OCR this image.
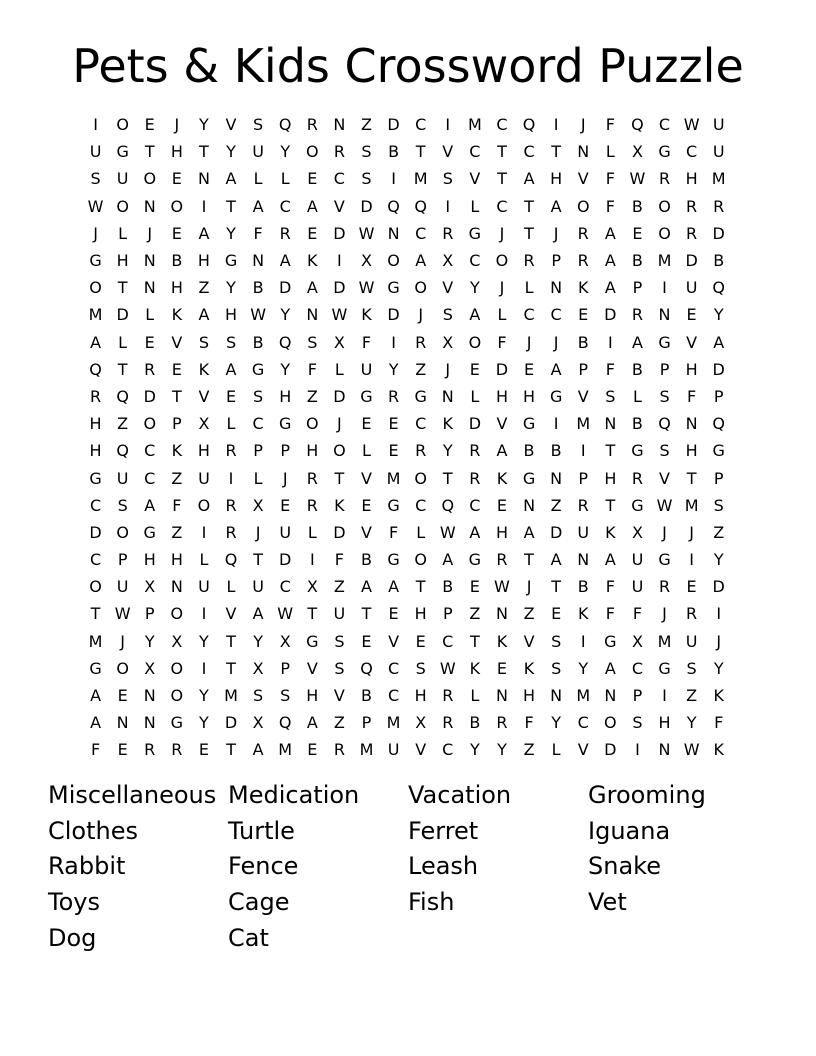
Pets & Kids Crossword Puzzle
I	O E	J	Y	V	S Q R N Z D C	I	M C Q	I	J	F	Q C W U
U G	T	H	T	Y	U	Y O R	S	B	T	V	C	T	C	T	N	L	X G C U
S	U O E	N A	L	L	E	C	S	I	M S	V	T	A H V	F W R H M
W O N O	I	T	A	C	A	V D Q Q	I	L	C	T	A O	F	B O R R
J	L	J	E	A	Y	F	R	E D W N C R G	J	T	J	R	A	E O R D
G H N B H G N A	K	I	X O A	X	C O R	P	R	A	B M D B
O T	N H Z	Y	B D A D W G O V	Y	J	L	N K	A	P	I	U Q
M D	L	K	A H W Y	N W K D	J	S	A	L	C C	E D R N	E	Y
A	L	E	V	S	S	B Q S	X	F	I	R	X O	F	J	J	B	I	A G V	A
Q T	R	E	K	A G	Y	F	L	U	Y	Z	J	E D E	A	P	F	B	P	H D
R Q D	T	V	E	S	H Z D G R G N	L	H H G V	S	L	S	F	P
H Z O P	X	L	C G O	J	E	E	C	K D V G	I	M N B Q N Q
H Q C	K H R	P	P	H O	L	E	R	Y	R	A	B	B	I	T	G S	H G
G U C	Z U	I	L	J	R	T	V M O T	R	K G N	P	H R	V	T	P
C	S	A	F	O R	X	E	R	K	E G C Q C	E	N Z	R	T	G W M S
D O G Z	I	R	J	U	L	D V	F	L W A H A D U K	X	J	J	Z
C	P	H H	L	Q T	D	I	F	B G O A G R	T	A N A U G	I	Y
O U X N U	L	U C	X	Z	A	A	T	B	E W	J	T	B	F	U R	E D
T W P O	I	V	A W T	U	T	E	H	P	Z N Z	E	K	F	F	J	R	I
M	J	Y	X	Y	T	Y	X G S	E	V	E	C	T	K	V	S	I	G X M U	J
G O X O	I	T	X	P	V	S Q C	S W K	E	K	S	Y	A	C G S	Y
A	E	N O Y M S	S	H V	B	C H R	L	N H N M N	P	I	Z	K
A N N G	Y	D X Q A	Z	P M X	R	B	R	F	Y	C O S	H	Y	F
F	E	R R	E	T	A M E	R M U V	C	Y	Y	Z	L	V D	I	N W K
Miscellaneous Medication	Vacation	Grooming
Clothes	Turtle	Ferret	Iguana
Rabbit	Fence	Leash	Snake
Toys	Cage	Fish	Vet
Dog	Cat
